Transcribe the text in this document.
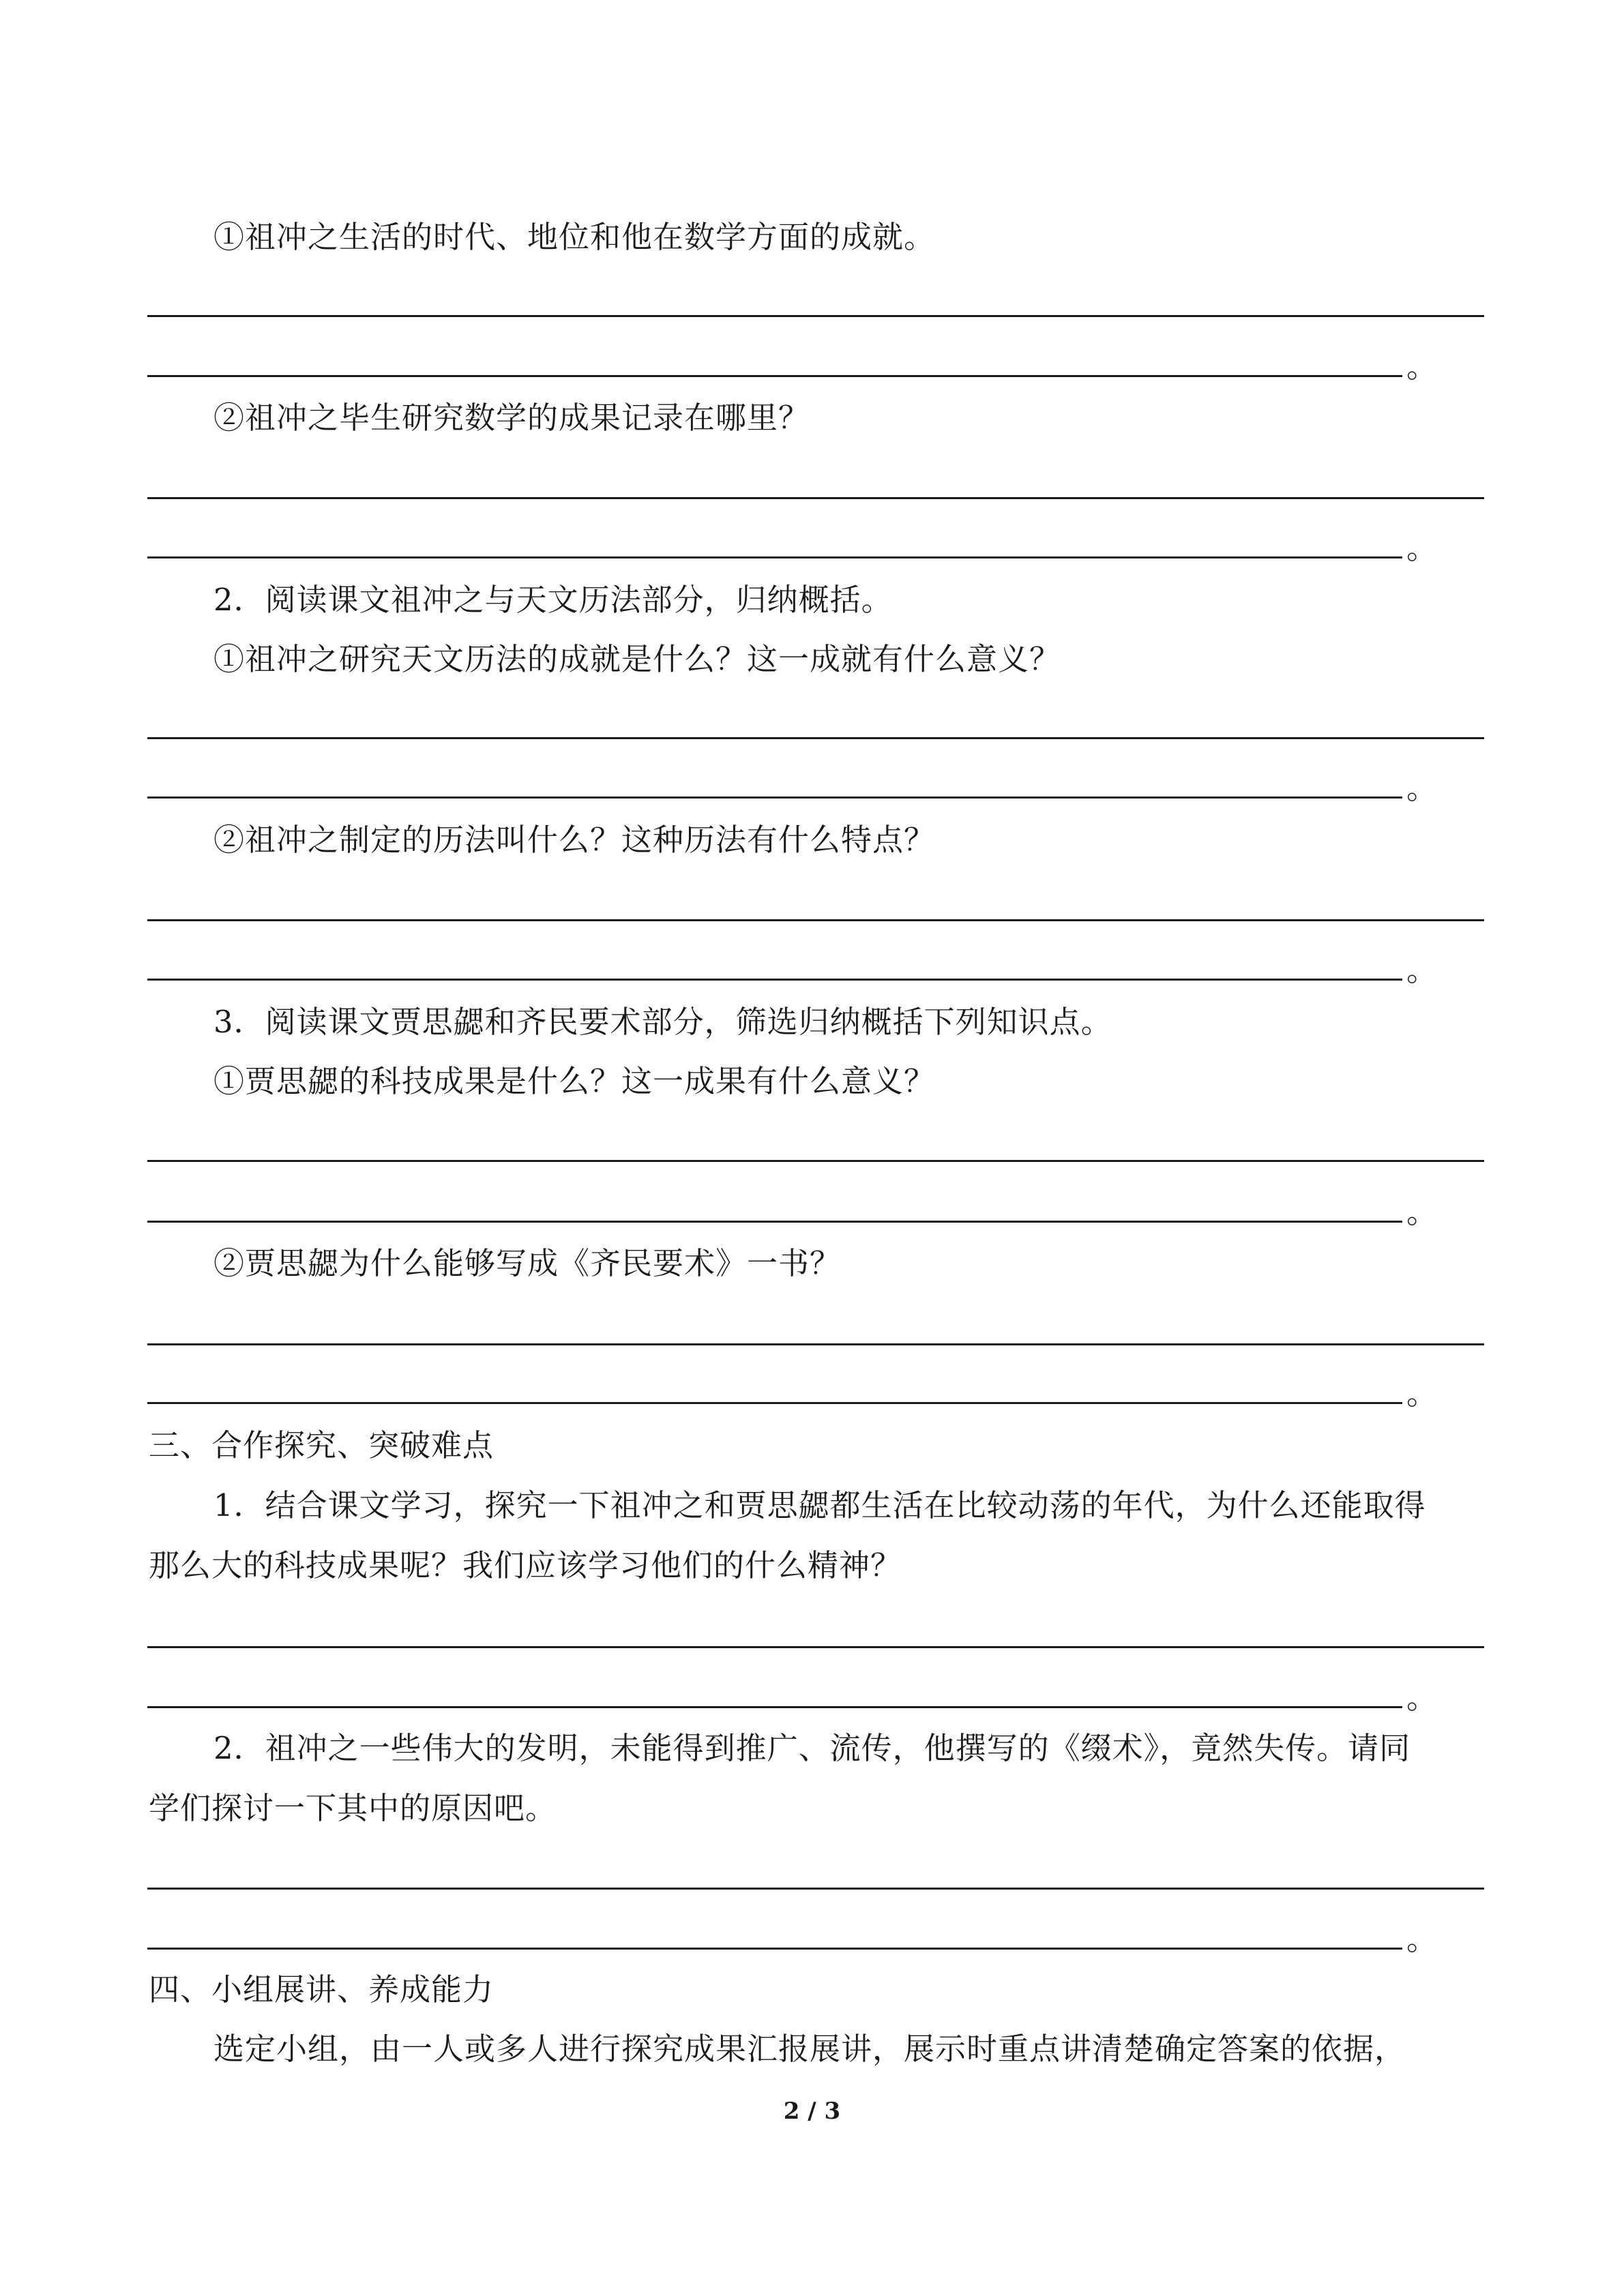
①祖冲之生活的时代、地位和他在数学方面的成就。
。
②祖冲之毕生研究数学的成果记录在哪里？
。
2．阅读课文祖冲之与天文历法部分，归纳概括。
①祖冲之研究天文历法的成就是什么？这一成就有什么意义？
。
②祖冲之制定的历法叫什么？这种历法有什么特点？
。
3．阅读课文贾思勰和齐民要术部分，筛选归纳概括下列知识点。
①贾思勰的科技成果是什么？这一成果有什么意义？
。
②贾思勰为什么能够写成《齐民要术》一书？
。
三、合作探究、突破难点
1．结合课文学习，探究一下祖冲之和贾思勰都生活在比较动荡的年代，为什么还能取得
那么大的科技成果呢？我们应该学习他们的什么精神？
。
2．祖冲之一些伟大的发明，未能得到推广、流传，他撰写的《缀术》，竟然失传。请同
学们探讨一下其中的原因吧。
。
四、小组展讲、养成能力
选定小组，由一人或多人进行探究成果汇报展讲，展示时重点讲清楚确定答案的依据，
2 / 3
